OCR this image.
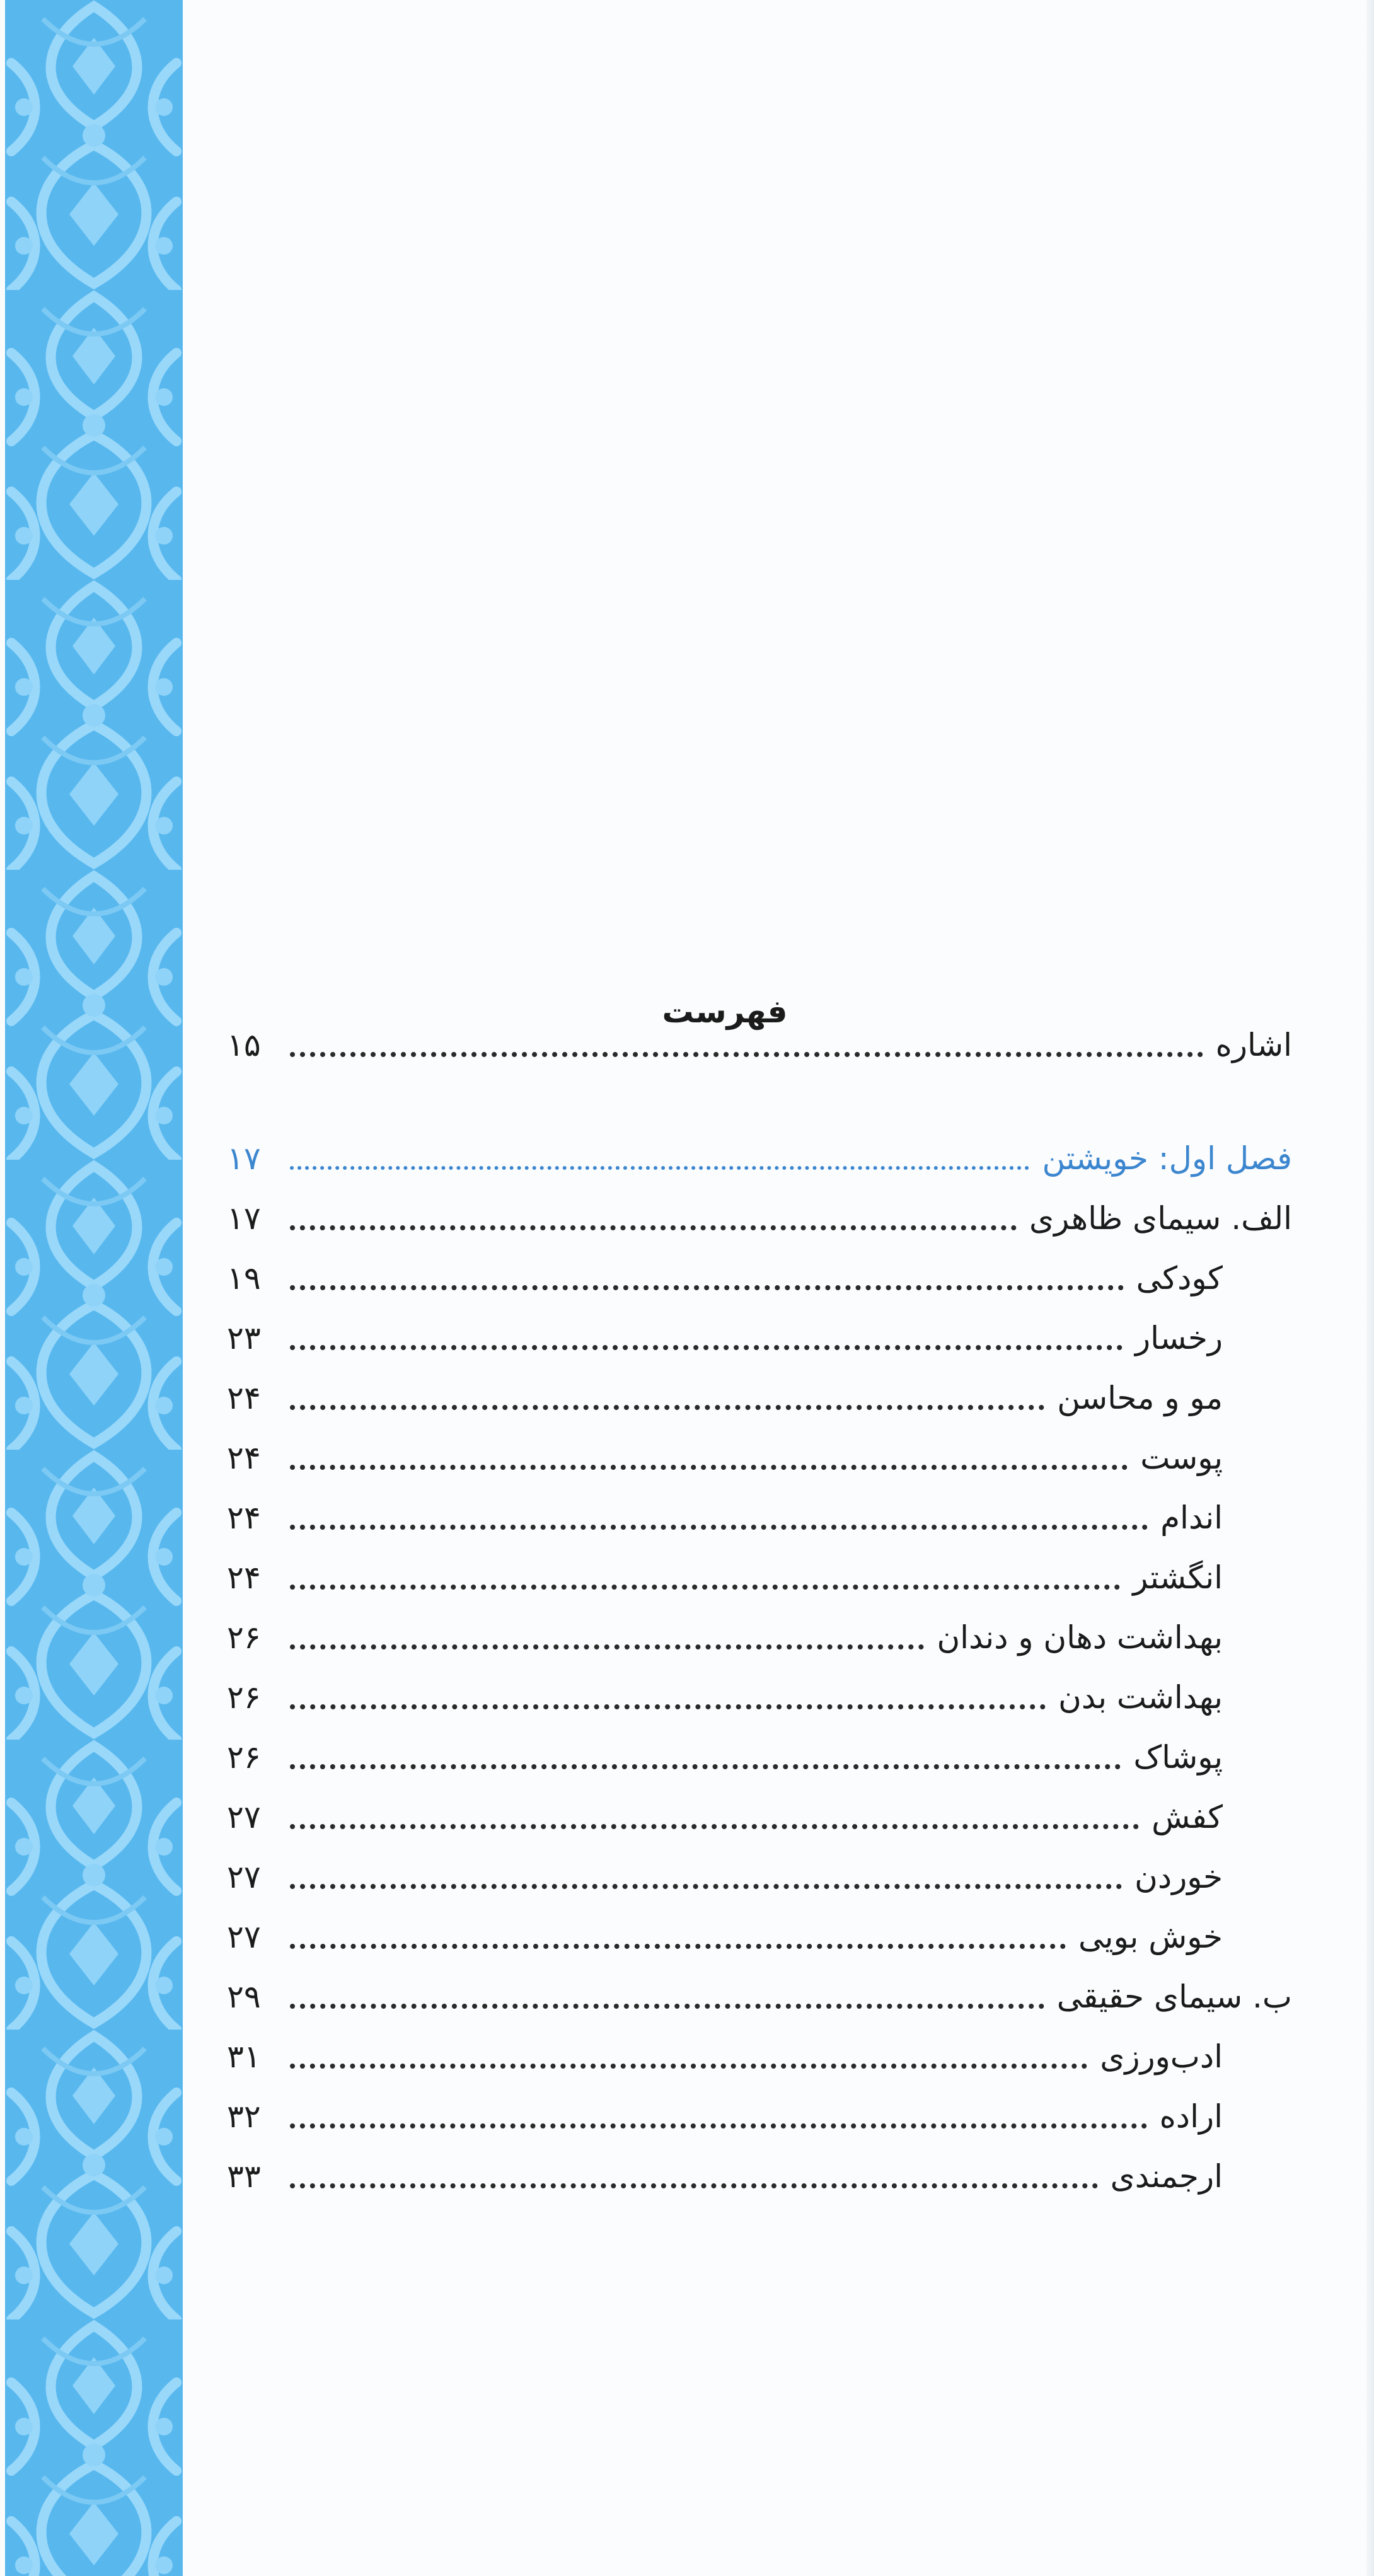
فهرست
اشاره
۱۵
فصل اول: خویشتن
۱۷
الف. سیمای ظاهری
۱۷
کودکی
۱۹
رخسار
۲۳
مو و محاسن
۲۴
پوست
۲۴
اندام
۲۴
انگشتر
۲۴
بهداشت دهان و دندان
۲۶
بهداشت بدن
۲۶
پوشاک
۲۶
کفش
۲۷
خوردن
۲۷
خوش بویی
۲۷
ب. سیمای حقیقی
۲۹
ادب‌ورزی
۳۱
اراده
۳۲
ارجمندی
۳۳
